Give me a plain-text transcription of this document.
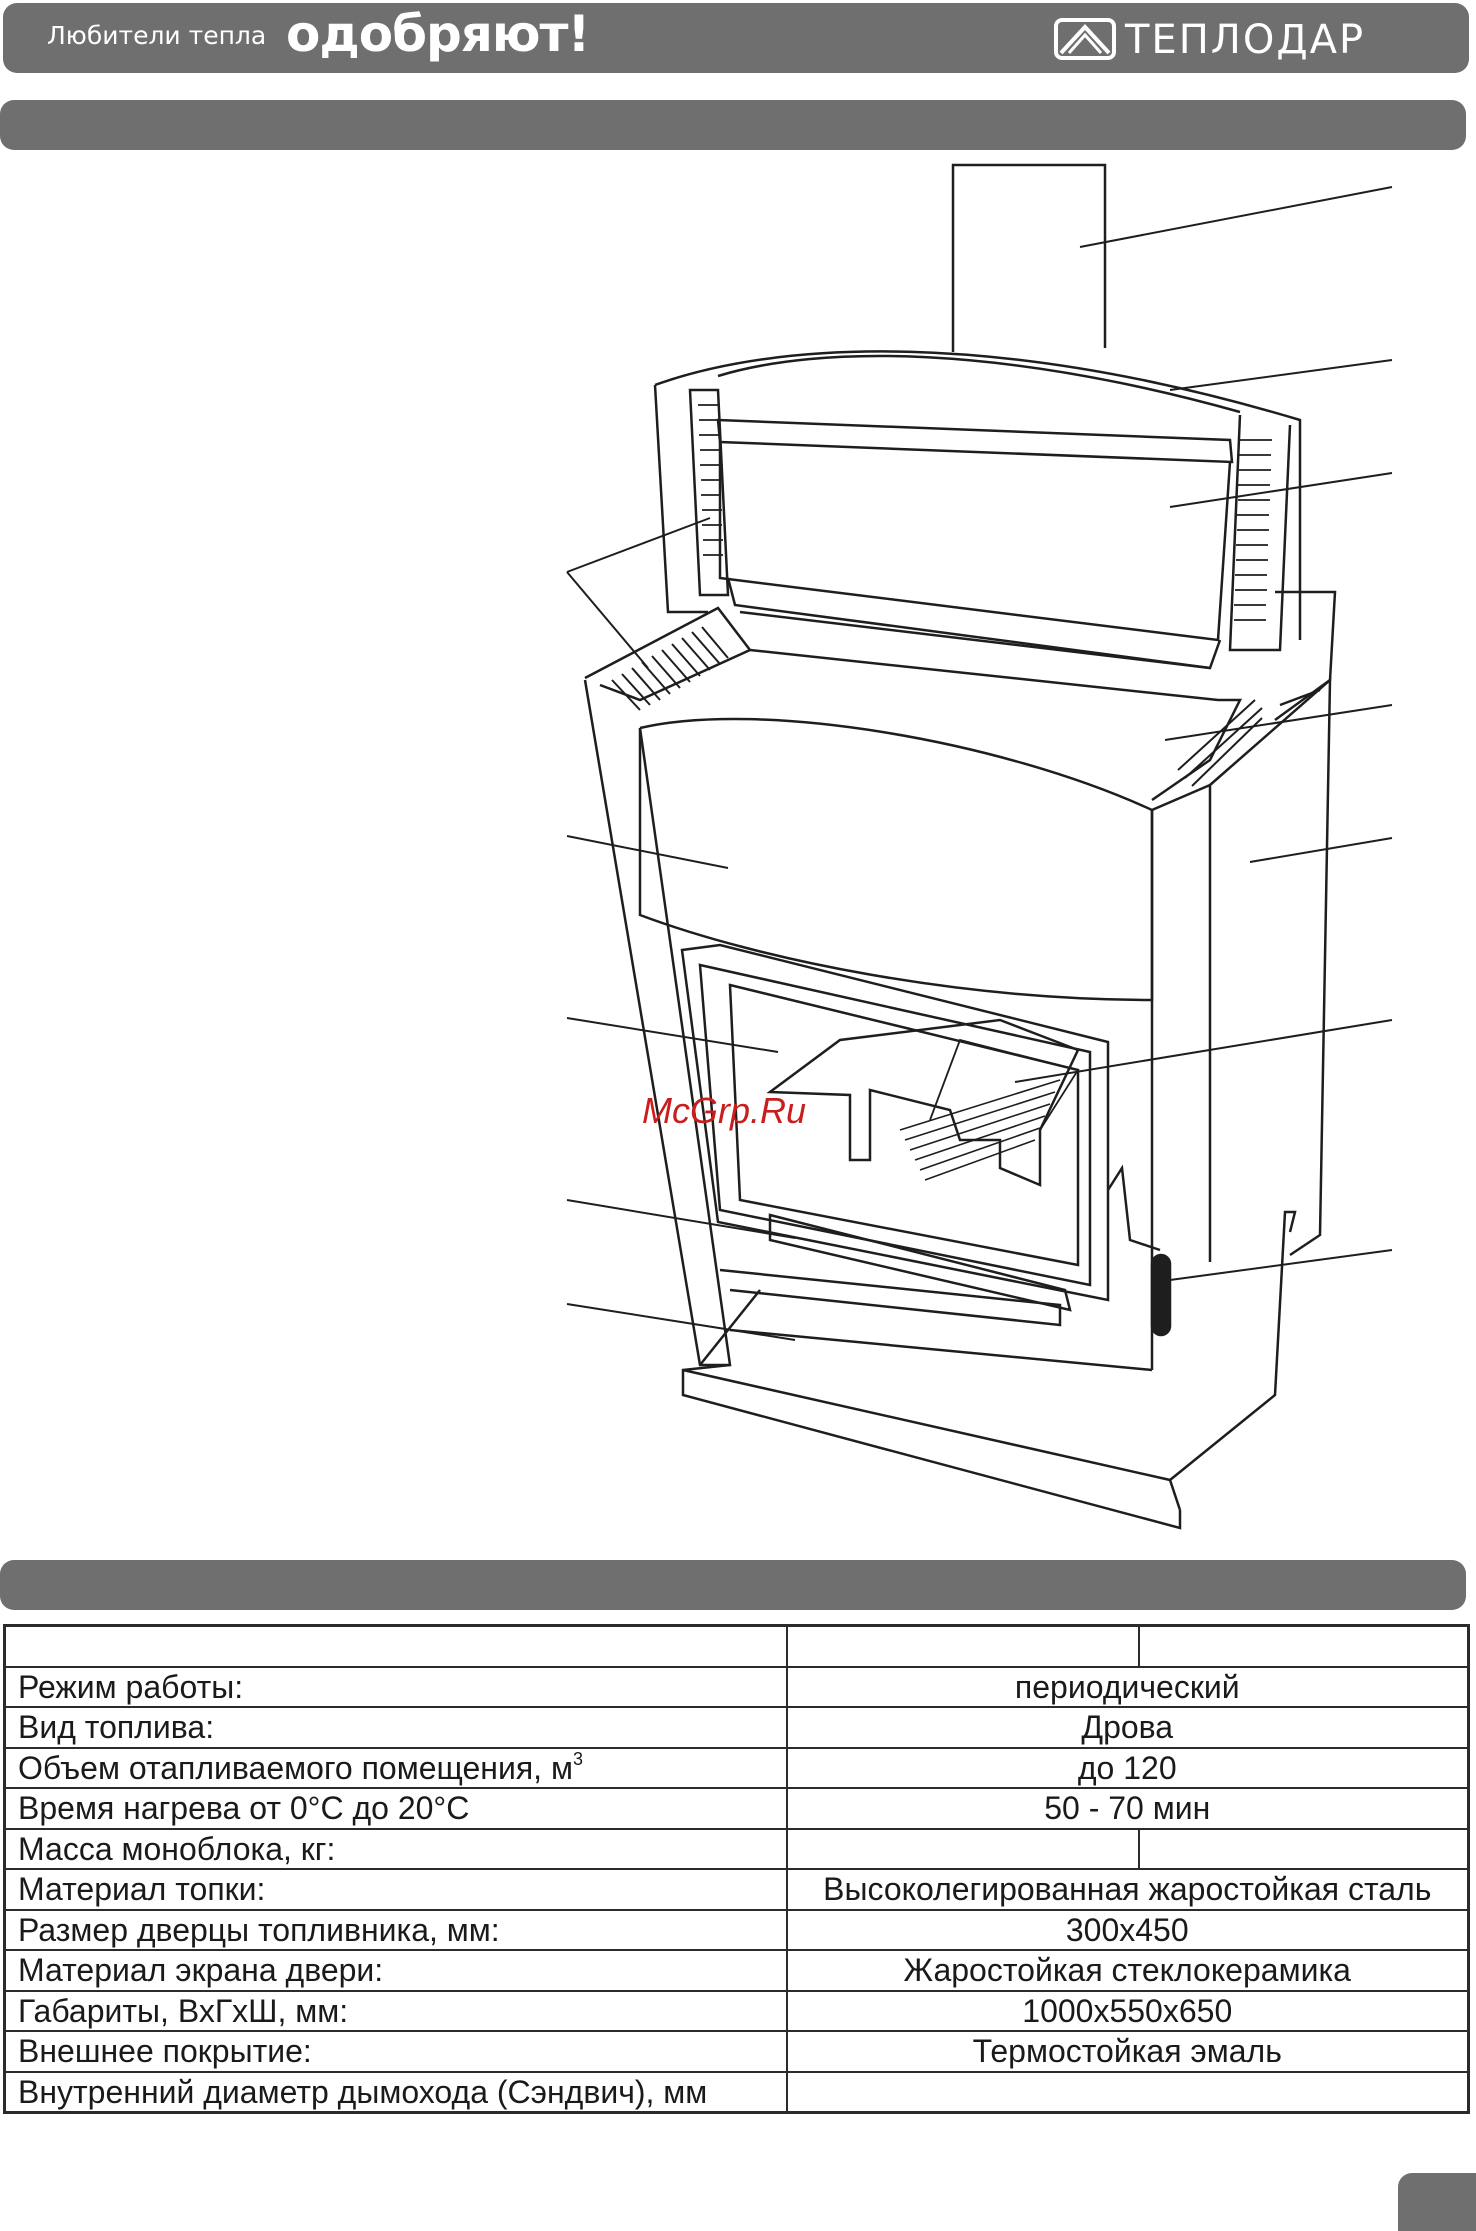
Любители тепла одобряют!	ТЕПЛОДАР
McGrp.Ru

Режим работы:	периодический	
Вид топлива:	Дрова	
Объем отапливаемого помещения, $м^3$	до 120	
Время нагрева от 0°С до 20°С	50 - 70 мин	
Масса моноблока, кг:		
Материал топки:	Высоколегированная жаростойкая сталь	
Размер дверцы топливника, мм:	300х450	
Материал экрана двери:	Жаростойкая стеклокерамика	
Габариты, ВхГхШ, мм:	1000х550х650	
Внешнее покрытие:	Термостойкая эмаль	
Внутренний диаметр дымохода (Сэндвич), мм		
